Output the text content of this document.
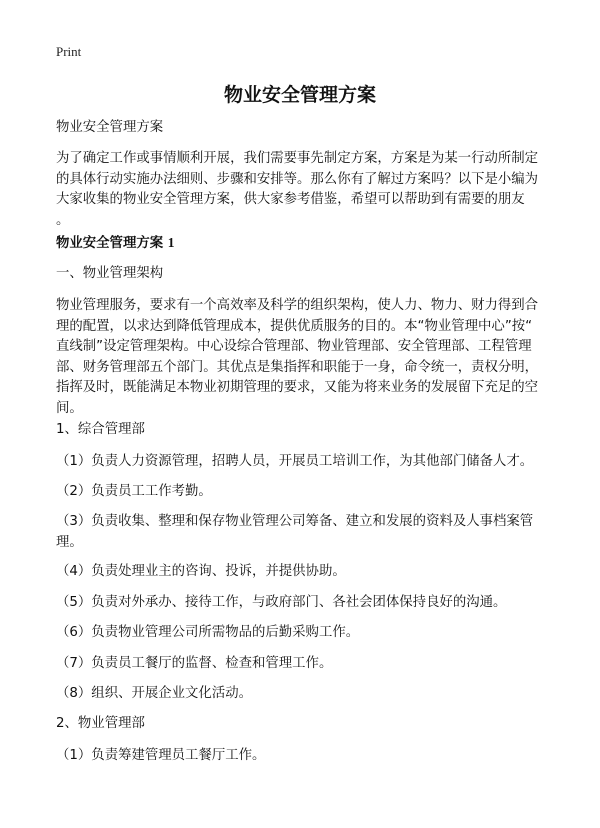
Print
物业安全管理方案

物业安全管理方案

为了确定工作或事情顺利开展，我们需要事先制定方案，方案是为某一行动所制定
的具体行动实施办法细则、步骤和安排等。那么你有了解过方案吗？以下是小编为
大家收集的物业安全管理方案，供大家参考借鉴，希望可以帮助到有需要的朋友
。

物业安全管理方案 1

一、物业管理架构

物业管理服务，要求有一个高效率及科学的组织架构，使人力、物力、财力得到合
理的配置，以求达到降低管理成本，提供优质服务的目的。本“物业管理中心”按“
直线制”设定管理架构。中心设综合管理部、物业管理部、安全管理部、工程管理
部、财务管理部五个部门。其优点是集指挥和职能于一身，命令统一，责权分明，
指挥及时，既能满足本物业初期管理的要求，又能为将来业务的发展留下充足的空
间。

1、综合管理部

（1）负责人力资源管理，招聘人员，开展员工培训工作，为其他部门储备人才。

（2）负责员工工作考勤。

（3）负责收集、整理和保存物业管理公司筹备、建立和发展的资料及人事档案管
理。

（4）负责处理业主的咨询、投诉，并提供协助。

（5）负责对外承办、接待工作，与政府部门、各社会团体保持良好的沟通。

（6）负责物业管理公司所需物品的后勤采购工作。

（7）负责员工餐厅的监督、检查和管理工作。

（8）组织、开展企业文化活动。

2、物业管理部

（1）负责筹建管理员工餐厅工作。
